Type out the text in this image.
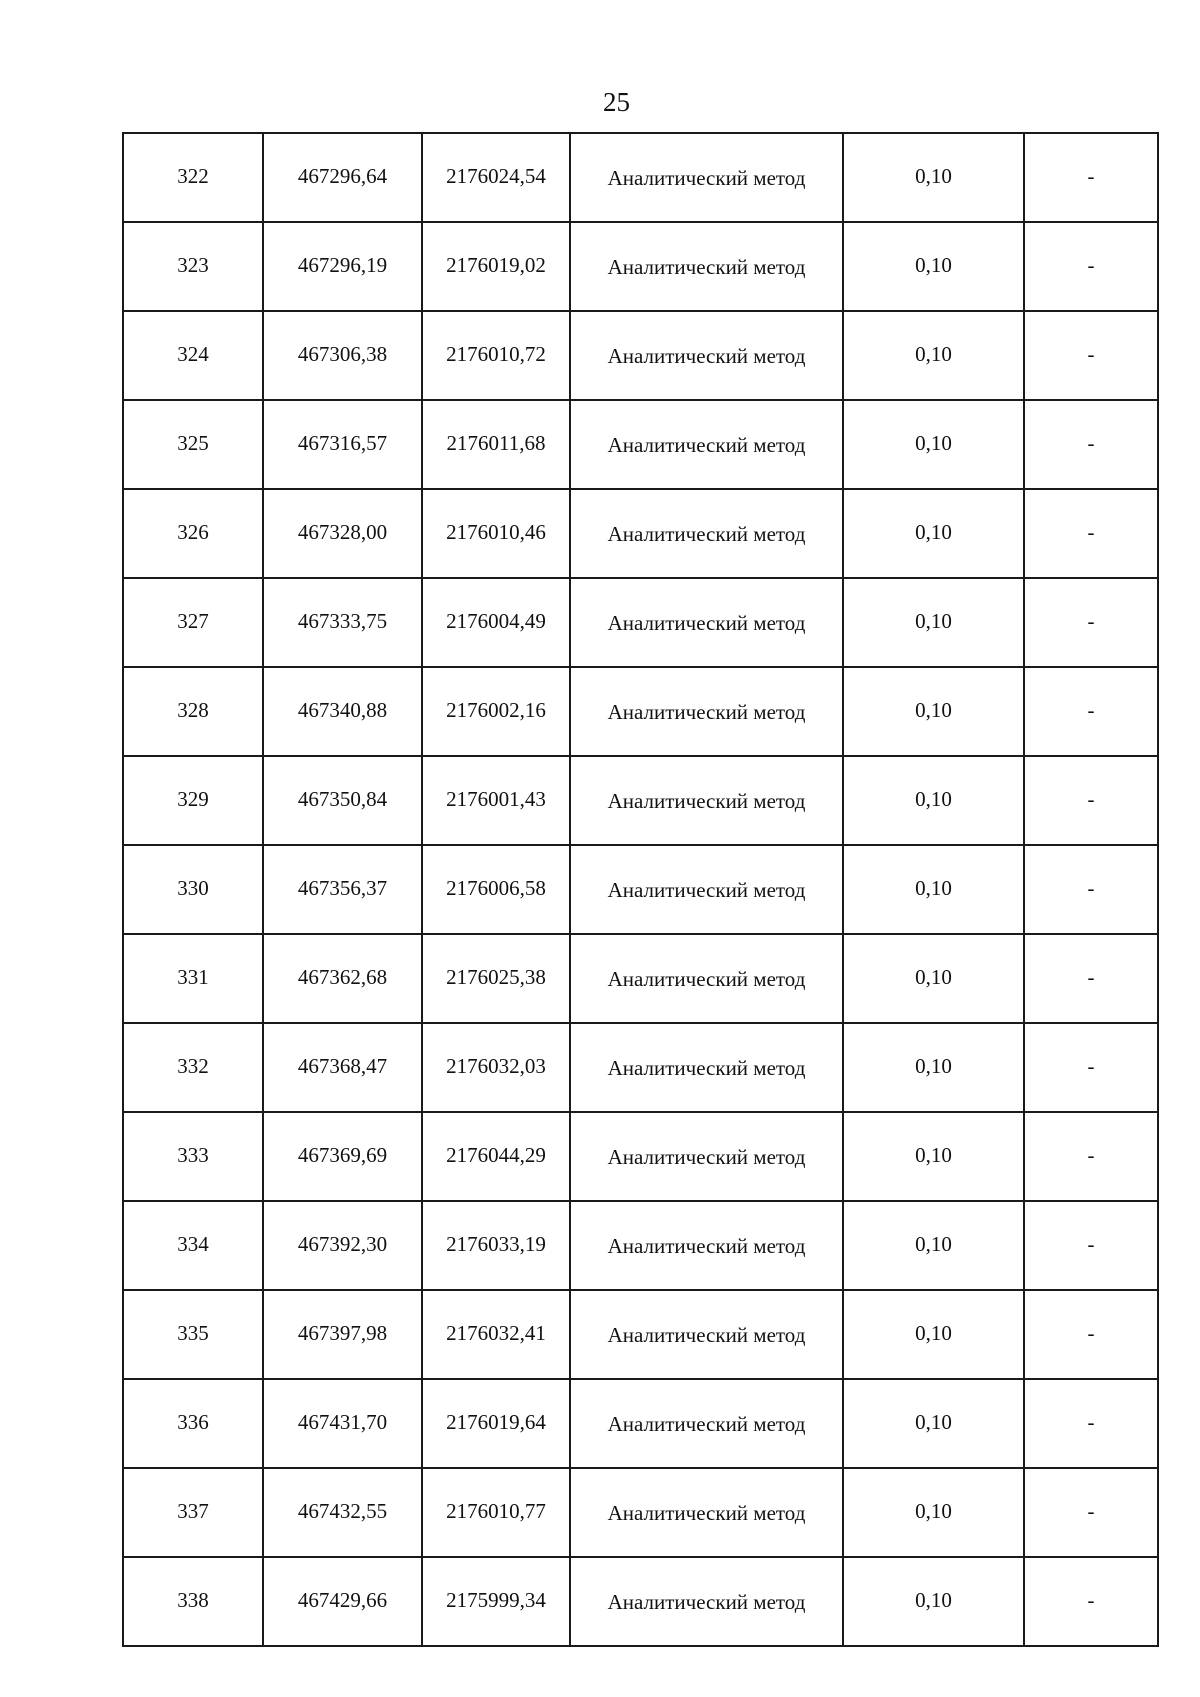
25
322	467296,64	2176024,54	Аналитический метод	0,10	-
323	467296,19	2176019,02	Аналитический метод	0,10	-
324	467306,38	2176010,72	Аналитический метод	0,10	-
325	467316,57	2176011,68	Аналитический метод	0,10	-
326	467328,00	2176010,46	Аналитический метод	0,10	-
327	467333,75	2176004,49	Аналитический метод	0,10	-
328	467340,88	2176002,16	Аналитический метод	0,10	-
329	467350,84	2176001,43	Аналитический метод	0,10	-
330	467356,37	2176006,58	Аналитический метод	0,10	-
331	467362,68	2176025,38	Аналитический метод	0,10	-
332	467368,47	2176032,03	Аналитический метод	0,10	-
333	467369,69	2176044,29	Аналитический метод	0,10	-
334	467392,30	2176033,19	Аналитический метод	0,10	-
335	467397,98	2176032,41	Аналитический метод	0,10	-
336	467431,70	2176019,64	Аналитический метод	0,10	-
337	467432,55	2176010,77	Аналитический метод	0,10	-
338	467429,66	2175999,34	Аналитический метод	0,10	-
